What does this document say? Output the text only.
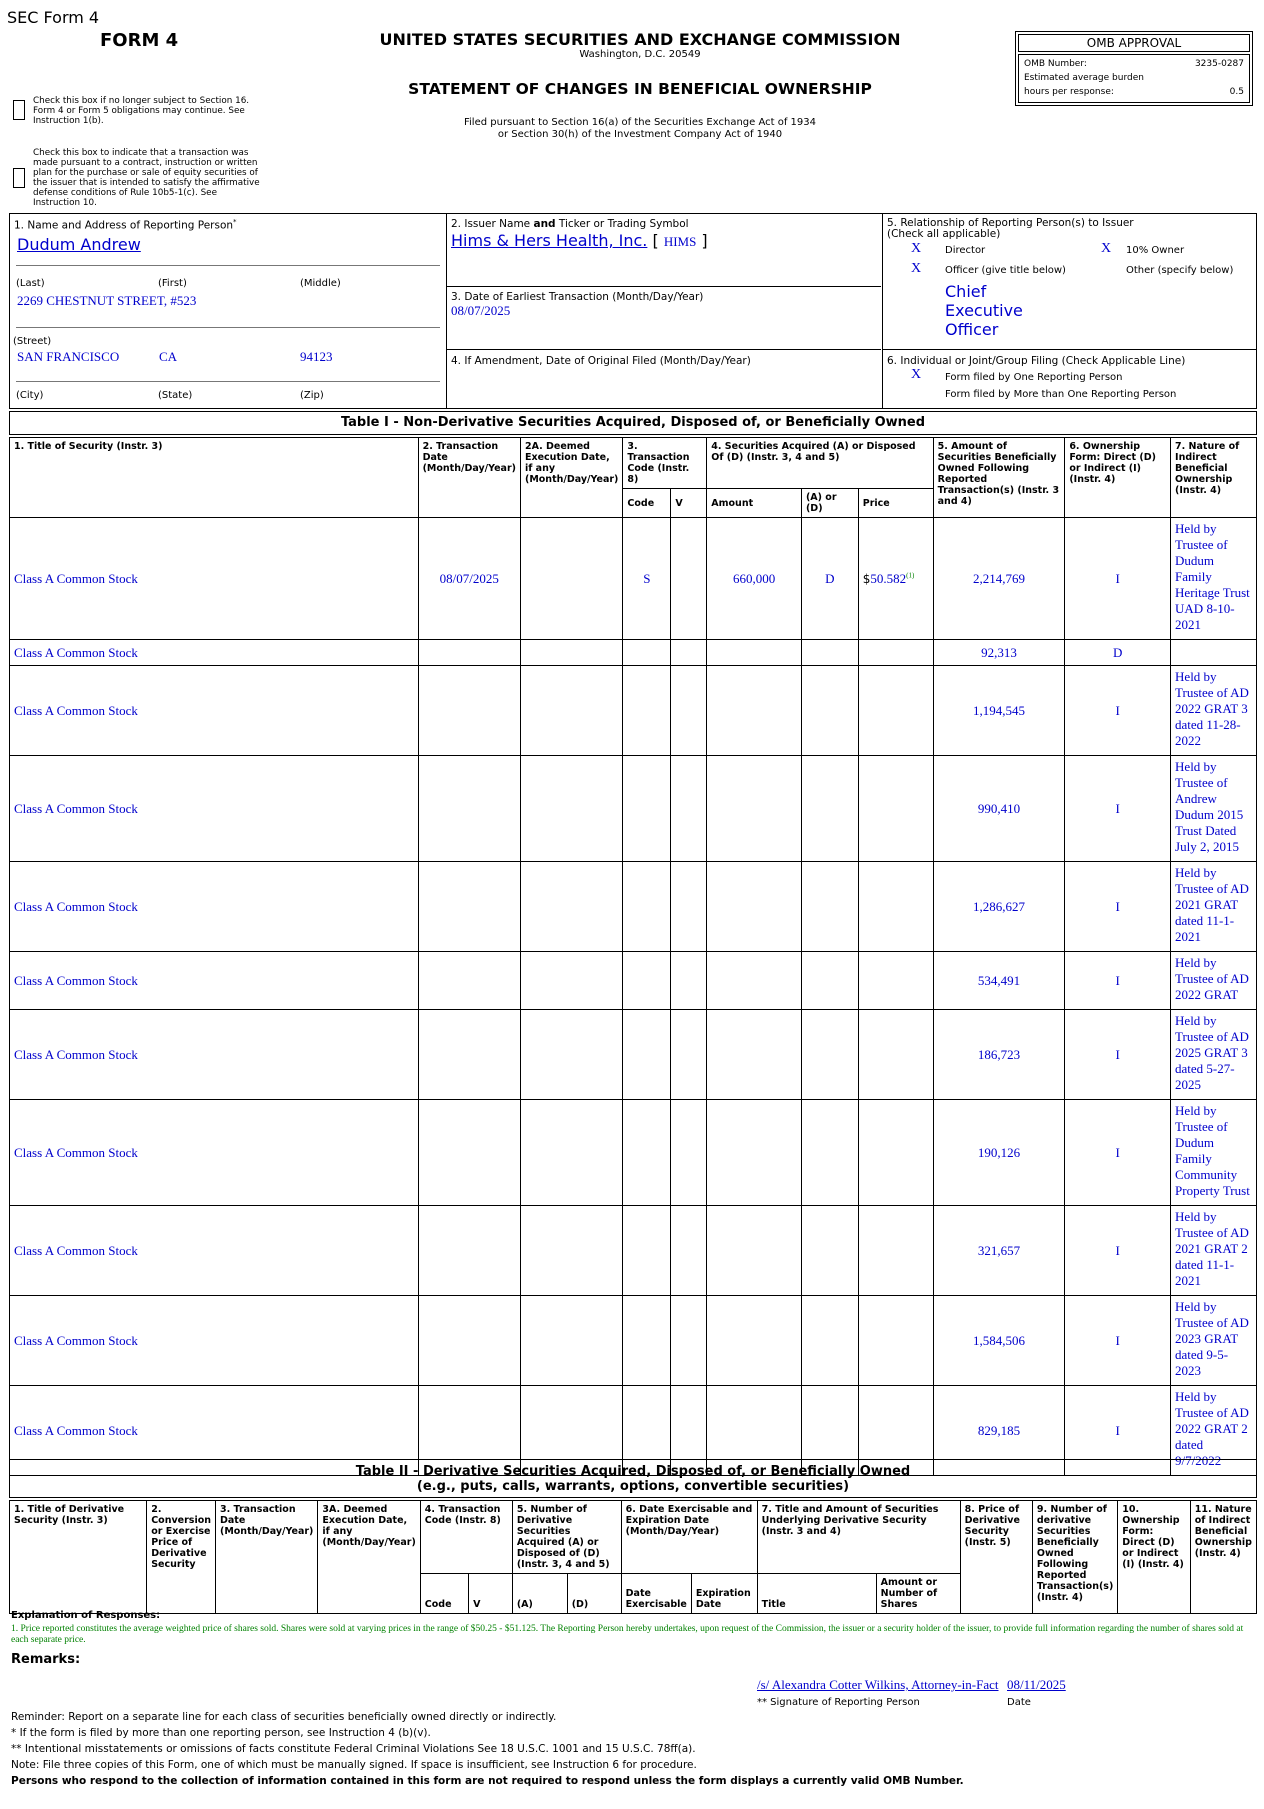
SEC Form 4
FORM 4	UNITED STATES SECURITIES AND EXCHANGE COMMISSION
Washington, D.C. 20549
STATEMENT OF CHANGES IN BENEFICIAL OWNERSHIP
Filed pursuant to Section 16(a) of the Securities Exchange Act of 1934
or Section 30(h) of the Investment Company Act of 1940
Check this box if no longer subject to Section 16.
Form 4 or Form 5 obligations may continue. See
Instruction 1(b).
Check this box to indicate that a transaction was
made pursuant to a contract, instruction or written
plan for the purchase or sale of equity securities of
the issuer that is intended to satisfy the affirmative
defense conditions of Rule 10b5-1(c). See
Instruction 10.
OMB APPROVAL
OMB Number:	3235-0287
Estimated average burden
hours per response:	0.5
1. Name and Address of Reporting Person*
Dudum Andrew
(Last)	(First)	(Middle)
2269 CHESTNUT STREET, #523
(Street)
SAN FRANCISCO	CA	94123
(City)	(State)	(Zip)
2. Issuer Name and Ticker or Trading Symbol
Hims & Hers Health, Inc. [ HIMS ]
3. Date of Earliest Transaction (Month/Day/Year)
08/07/2025
4. If Amendment, Date of Original Filed (Month/Day/Year)
5. Relationship of Reporting Person(s) to Issuer
(Check all applicable)
X Director	X 10% Owner
X Officer (give title below)	Other (specify below)
Chief
Executive
Officer
6. Individual or Joint/Group Filing (Check Applicable Line)
X Form filed by One Reporting Person
Form filed by More than One Reporting Person
Table I - Non-Derivative Securities Acquired, Disposed of, or Beneficially Owned
1. Title of Security (Instr. 3)	2. Transaction Date (Month/Day/Year)	2A. Deemed Execution Date, if any (Month/Day/Year)	3. Transaction Code (Instr. 8)		4. Securities Acquired (A) or Disposed Of (D) (Instr. 3, 4 and 5)			5. Amount of Securities Beneficially Owned Following Reported Transaction(s) (Instr. 3 and 4)	6. Ownership Form: Direct (D) or Indirect (I) (Instr. 4)	7. Nature of Indirect Beneficial Ownership (Instr. 4)
			Code	V	Amount	(A) or (D)	Price			
Class A Common Stock	08/07/2025		S		660,000	D	$50.582$^{(1)}$	2,214,769	I	Held by Trustee of Dudum Family Heritage Trust UAD 8-10-2021
Class A Common Stock								92,313	D	
Class A Common Stock								1,194,545	I	Held by Trustee of AD 2022 GRAT 3 dated 11-28-2022
Class A Common Stock								990,410	I	Held by Trustee of Andrew Dudum 2015 Trust Dated July 2, 2015
Class A Common Stock								1,286,627	I	Held by Trustee of AD 2021 GRAT dated 11-1-2021
Class A Common Stock								534,491	I	Held by Trustee of AD 2022 GRAT
Class A Common Stock								186,723	I	Held by Trustee of AD 2025 GRAT 3 dated 5-27-2025
Class A Common Stock								190,126	I	Held by Trustee of Dudum Family Community Property Trust
Class A Common Stock								321,657	I	Held by Trustee of AD 2021 GRAT 2 dated 11-1-2021
Class A Common Stock								1,584,506	I	Held by Trustee of AD 2023 GRAT dated 9-5-2023
Class A Common Stock								829,185	I	Held by Trustee of AD 2022 GRAT 2 dated 9/7/2022
Table II - Derivative Securities Acquired, Disposed of, or Beneficially Owned
(e.g., puts, calls, warrants, options, convertible securities)
1. Title of Derivative Security (Instr. 3)	2. Conversion or Exercise Price of Derivative Security	3. Transaction Date (Month/Day/Year)	3A. Deemed Execution Date, if any (Month/Day/Year)	4. Transaction Code (Instr. 8)		5. Number of Derivative Securities Acquired (A) or Disposed of (D) (Instr. 3, 4 and 5)		6. Date Exercisable and Expiration Date (Month/Day/Year)		7. Title and Amount of Securities Underlying Derivative Security (Instr. 3 and 4)		8. Price of Derivative Security (Instr. 5)	9. Number of derivative Securities Beneficially Owned Following Reported Transaction(s) (Instr. 4)	10. Ownership Form: Direct (D) or Indirect (I) (Instr. 4)	11. Nature of Indirect Beneficial Ownership (Instr. 4)
				Code	V	(A)	(D)	Date Exercisable	Expiration Date	Title	Amount or Number of Shares				
Explanation of Responses:
1. Price reported constitutes the average weighted price of shares sold. Shares were sold at varying prices in the range of $50.25 - $51.125. The Reporting Person hereby undertakes, upon request of the Commission, the issuer or a security holder of the issuer, to provide full information regarding the number of shares sold at each separate price.
Remarks:
/s/ Alexandra Cotter Wilkins, Attorney-in-Fact 08/11/2025
** Signature of Reporting Person	Date
Reminder: Report on a separate line for each class of securities beneficially owned directly or indirectly.
* If the form is filed by more than one reporting person, see Instruction 4 (b)(v).
** Intentional misstatements or omissions of facts constitute Federal Criminal Violations See 18 U.S.C. 1001 and 15 U.S.C. 78ff(a).
Note: File three copies of this Form, one of which must be manually signed. If space is insufficient, see Instruction 6 for procedure.
Persons who respond to the collection of information contained in this form are not required to respond unless the form displays a currently valid OMB Number.
